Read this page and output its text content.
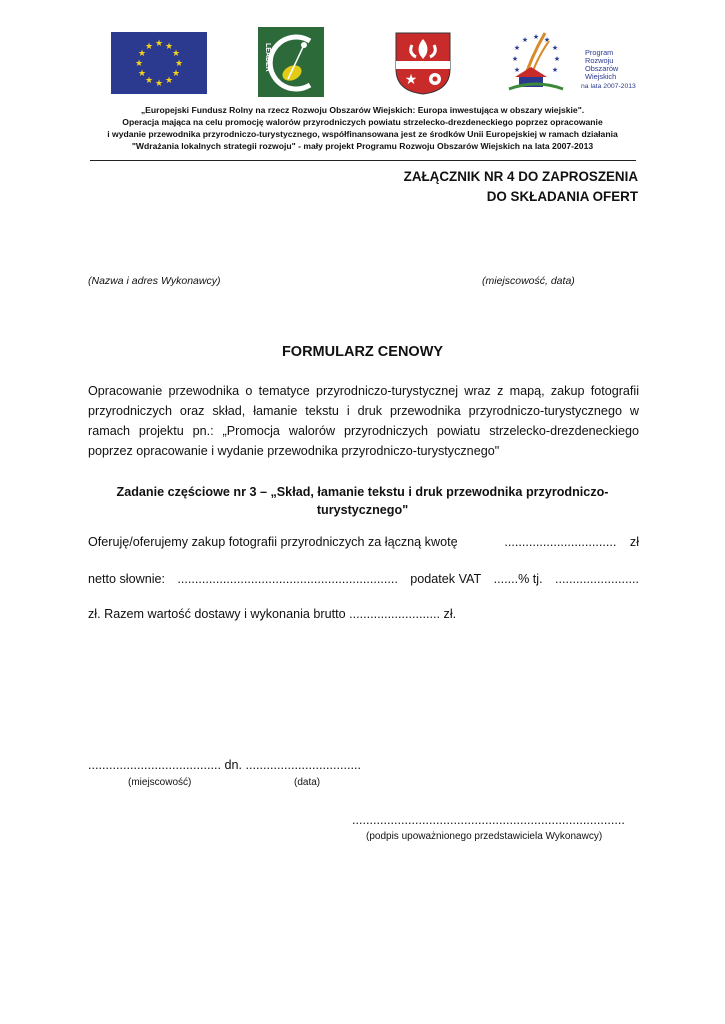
★ ★
★
★
★
★
★
★
★
★
★
★	LEADER
★
★ ★
★
★
★
★
★
★
★
Program
Rozwoju
Obszarów
Wiejskich
na lata 2007-2013
„Europejski Fundusz Rolny na rzecz Rozwoju Obszarów Wiejskich: Europa inwestująca w obszary wiejskie".
Operacja mająca na celu promocję walorów przyrodniczych powiatu strzelecko-drezdeneckiego poprzez opracowanie
i wydanie przewodnika przyrodniczo-turystycznego, współfinansowana jest ze środków Unii Europejskiej w ramach działania
"Wdrażania lokalnych strategii rozwoju" - mały projekt Programu Rozwoju Obszarów Wiejskich na lata 2007-2013
ZAŁĄCZNIK NR 4 DO ZAPROSZENIA
DO SKŁADANIA OFERT
(Nazwa i adres Wykonawcy)	(miejscowość, data)
FORMULARZ CENOWY
Opracowanie przewodnika o tematyce przyrodniczo-turystycznej wraz z mapą, zakup fotografii przyrodniczych oraz skład, łamanie tekstu i druk przewodnika przyrodniczo-turystycznego w ramach projektu pn.: „Promocja walorów przyrodniczych powiatu strzelecko-drezdeneckiego poprzez opracowanie i wydanie przewodnika przyrodniczo-turystycznego"
Zadanie częściowe nr 3 – „Skład, łamanie tekstu i druk przewodnika przyrodniczo-
turystycznego"
Oferuję/oferujemy zakup fotografii przyrodniczych za łączną kwotę	................................ zł
netto słownie: ............................................................... podatek VAT .......% tj. ........................
zł. Razem wartość dostawy i wykonania brutto .......................... zł.
...................................... dn. .................................
(miejscowość)	(data)
..............................................................................
(podpis upoważnionego przedstawiciela Wykonawcy)
